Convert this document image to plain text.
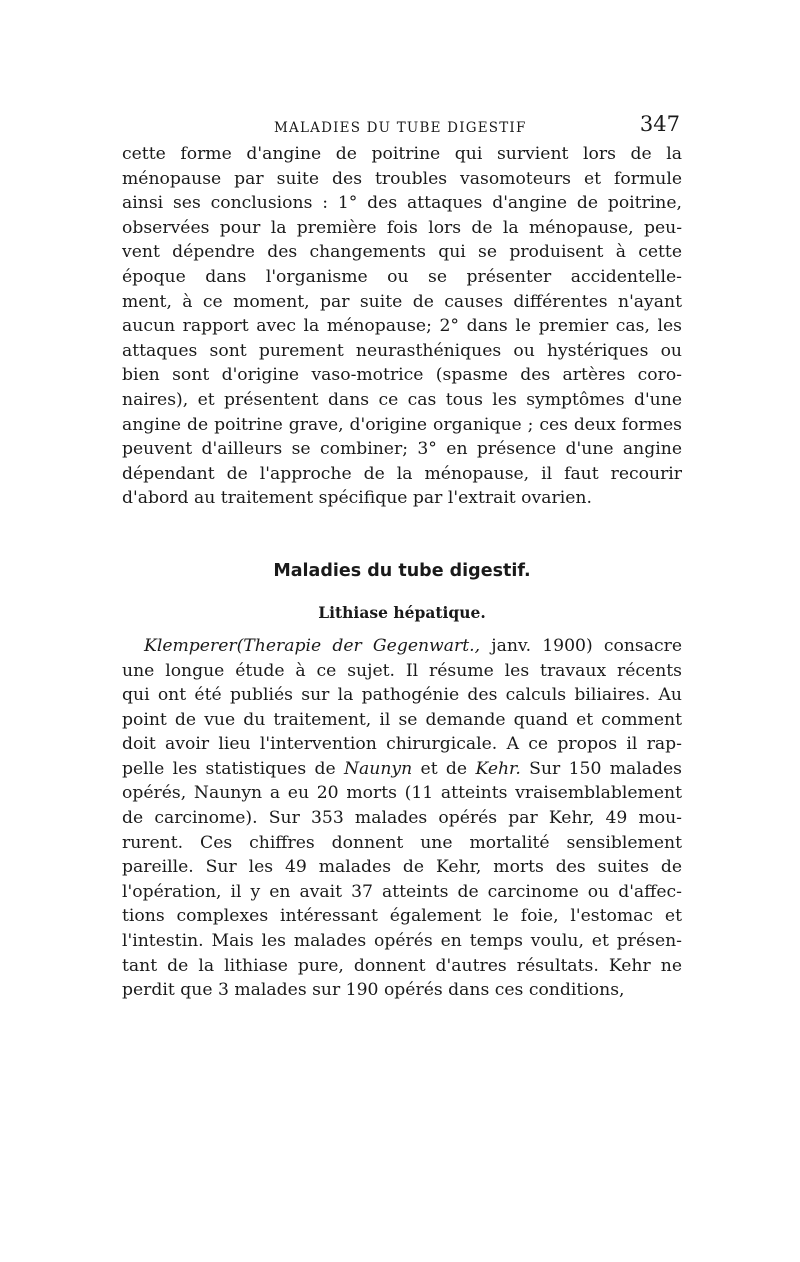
MALADIES DU TUBE DIGESTIF	347

cette forme d'angine de poitrine qui survient lors de la
ménopause par suite des troubles vasomoteurs et formule
ainsi ses conclusions : 1° des attaques d'angine de poitrine,
observées pour la première fois lors de la ménopause, peu-
vent dépendre des changements qui se produisent à cette
époque dans l'organisme ou se présenter accidentelle-
ment, à ce moment, par suite de causes différentes n'ayant
aucun rapport avec la ménopause; 2° dans le premier cas, les
attaques sont purement neurasthéniques ou hystériques ou
bien sont d'origine vaso-motrice (spasme des artères coro-
naires), et présentent dans ce cas tous les symptômes d'une
angine de poitrine grave, d'origine organique ; ces deux formes
peuvent d'ailleurs se combiner; 3° en présence d'une angine
dépendant de l'approche de la ménopause, il faut recourir
d'abord au traitement spécifique par l'extrait ovarien.

Maladies du tube digestif.
Lithiase hépatique.

Klemperer(Therapie der Gegenwart., janv. 1900) consacre
une longue étude à ce sujet. Il résume les travaux récents
qui ont été publiés sur la pathogénie des calculs biliaires. Au
point de vue du traitement, il se demande quand et comment
doit avoir lieu l'intervention chirurgicale. A ce propos il rap-
pelle les statistiques de Naunyn et de Kehr. Sur 150 malades
opérés, Naunyn a eu 20 morts (11 atteints vraisemblablement
de carcinome). Sur 353 malades opérés par Kehr, 49 mou-
rurent. Ces chiffres donnent une mortalité sensiblement
pareille. Sur les 49 malades de Kehr, morts des suites de
l'opération, il y en avait 37 atteints de carcinome ou d'affec-
tions complexes intéressant également le foie, l'estomac et
l'intestin. Mais les malades opérés en temps voulu, et présen-
tant de la lithiase pure, donnent d'autres résultats. Kehr ne
perdit que 3 malades sur 190 opérés dans ces conditions,
